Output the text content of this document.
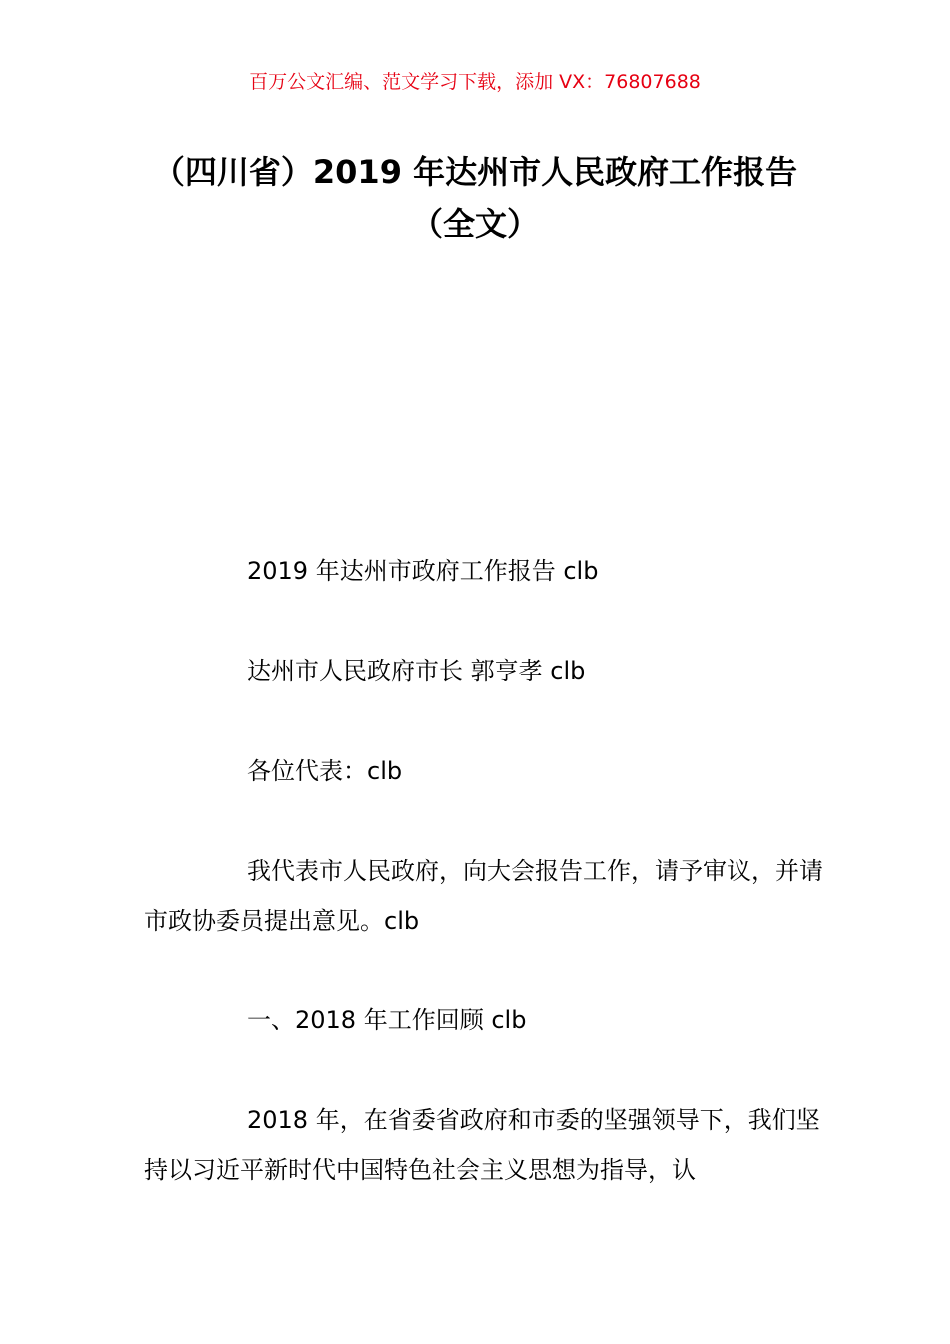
百万公文汇编、范文学习下载，添加 VX：76807688
（四川省）2019 年达州市人民政府工作报告（全文）

2019 年达州市政府工作报告 clb

达州市人民政府市长 郭亨孝 clb

各位代表：clb

我代表市人民政府，向大会报告工作，请予审议，并请市政协委员提出意见。clb

一、2018 年工作回顾 clb

2018 年，在省委省政府和市委的坚强领导下，我们坚持以习近平新时代中国特色社会主义思想为指导，认
